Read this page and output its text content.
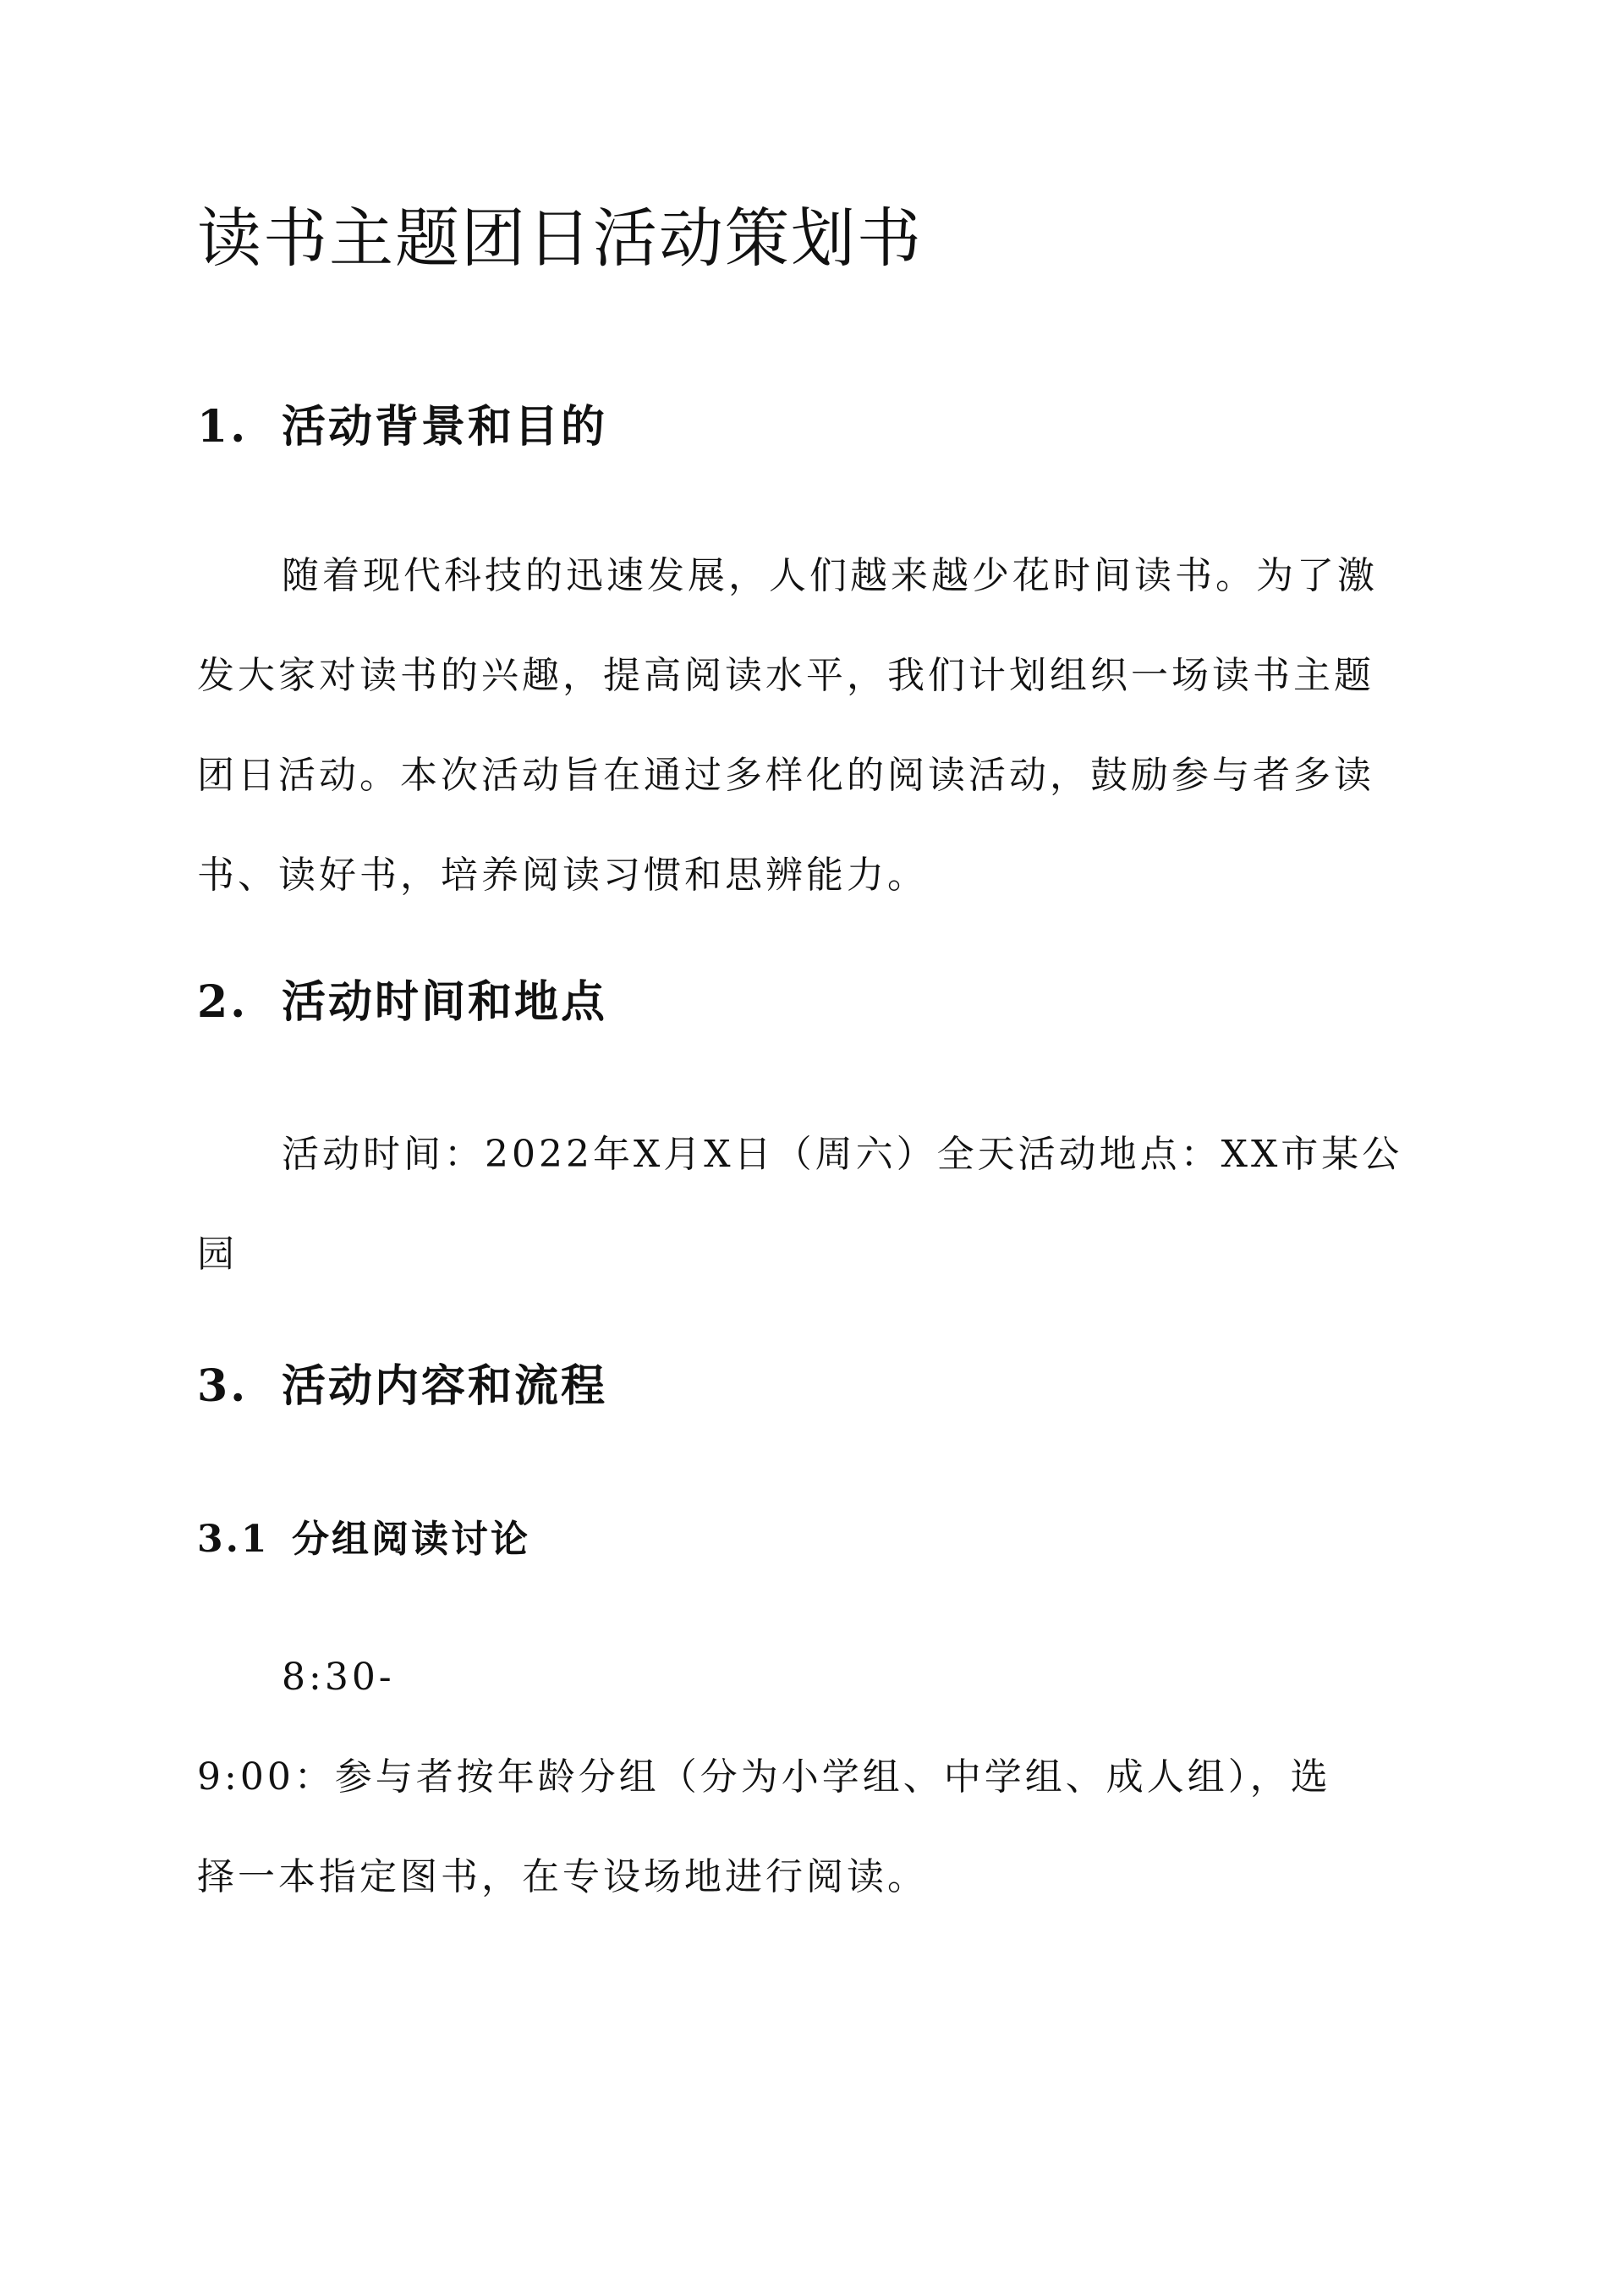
读书主题团日活动策划书
1. 活动背景和目的
随着现代科技的迅速发展，人们越来越少花时间读书。为了激
发大家对读书的兴趣，提高阅读水平，我们计划组织一场读书主题
团日活动。本次活动旨在通过多样化的阅读活动，鼓励参与者多读
书、读好书，培养阅读习惯和思辨能力。
2. 活动时间和地点
活动时间：2022年X月X日（周六）全天活动地点：XX市某公
园
3. 活动内容和流程
3.1 分组阅读讨论
8:30-
9:00：参与者按年龄分组（分为小学组、中学组、成人组），选
择一本指定图书，在专设场地进行阅读。
